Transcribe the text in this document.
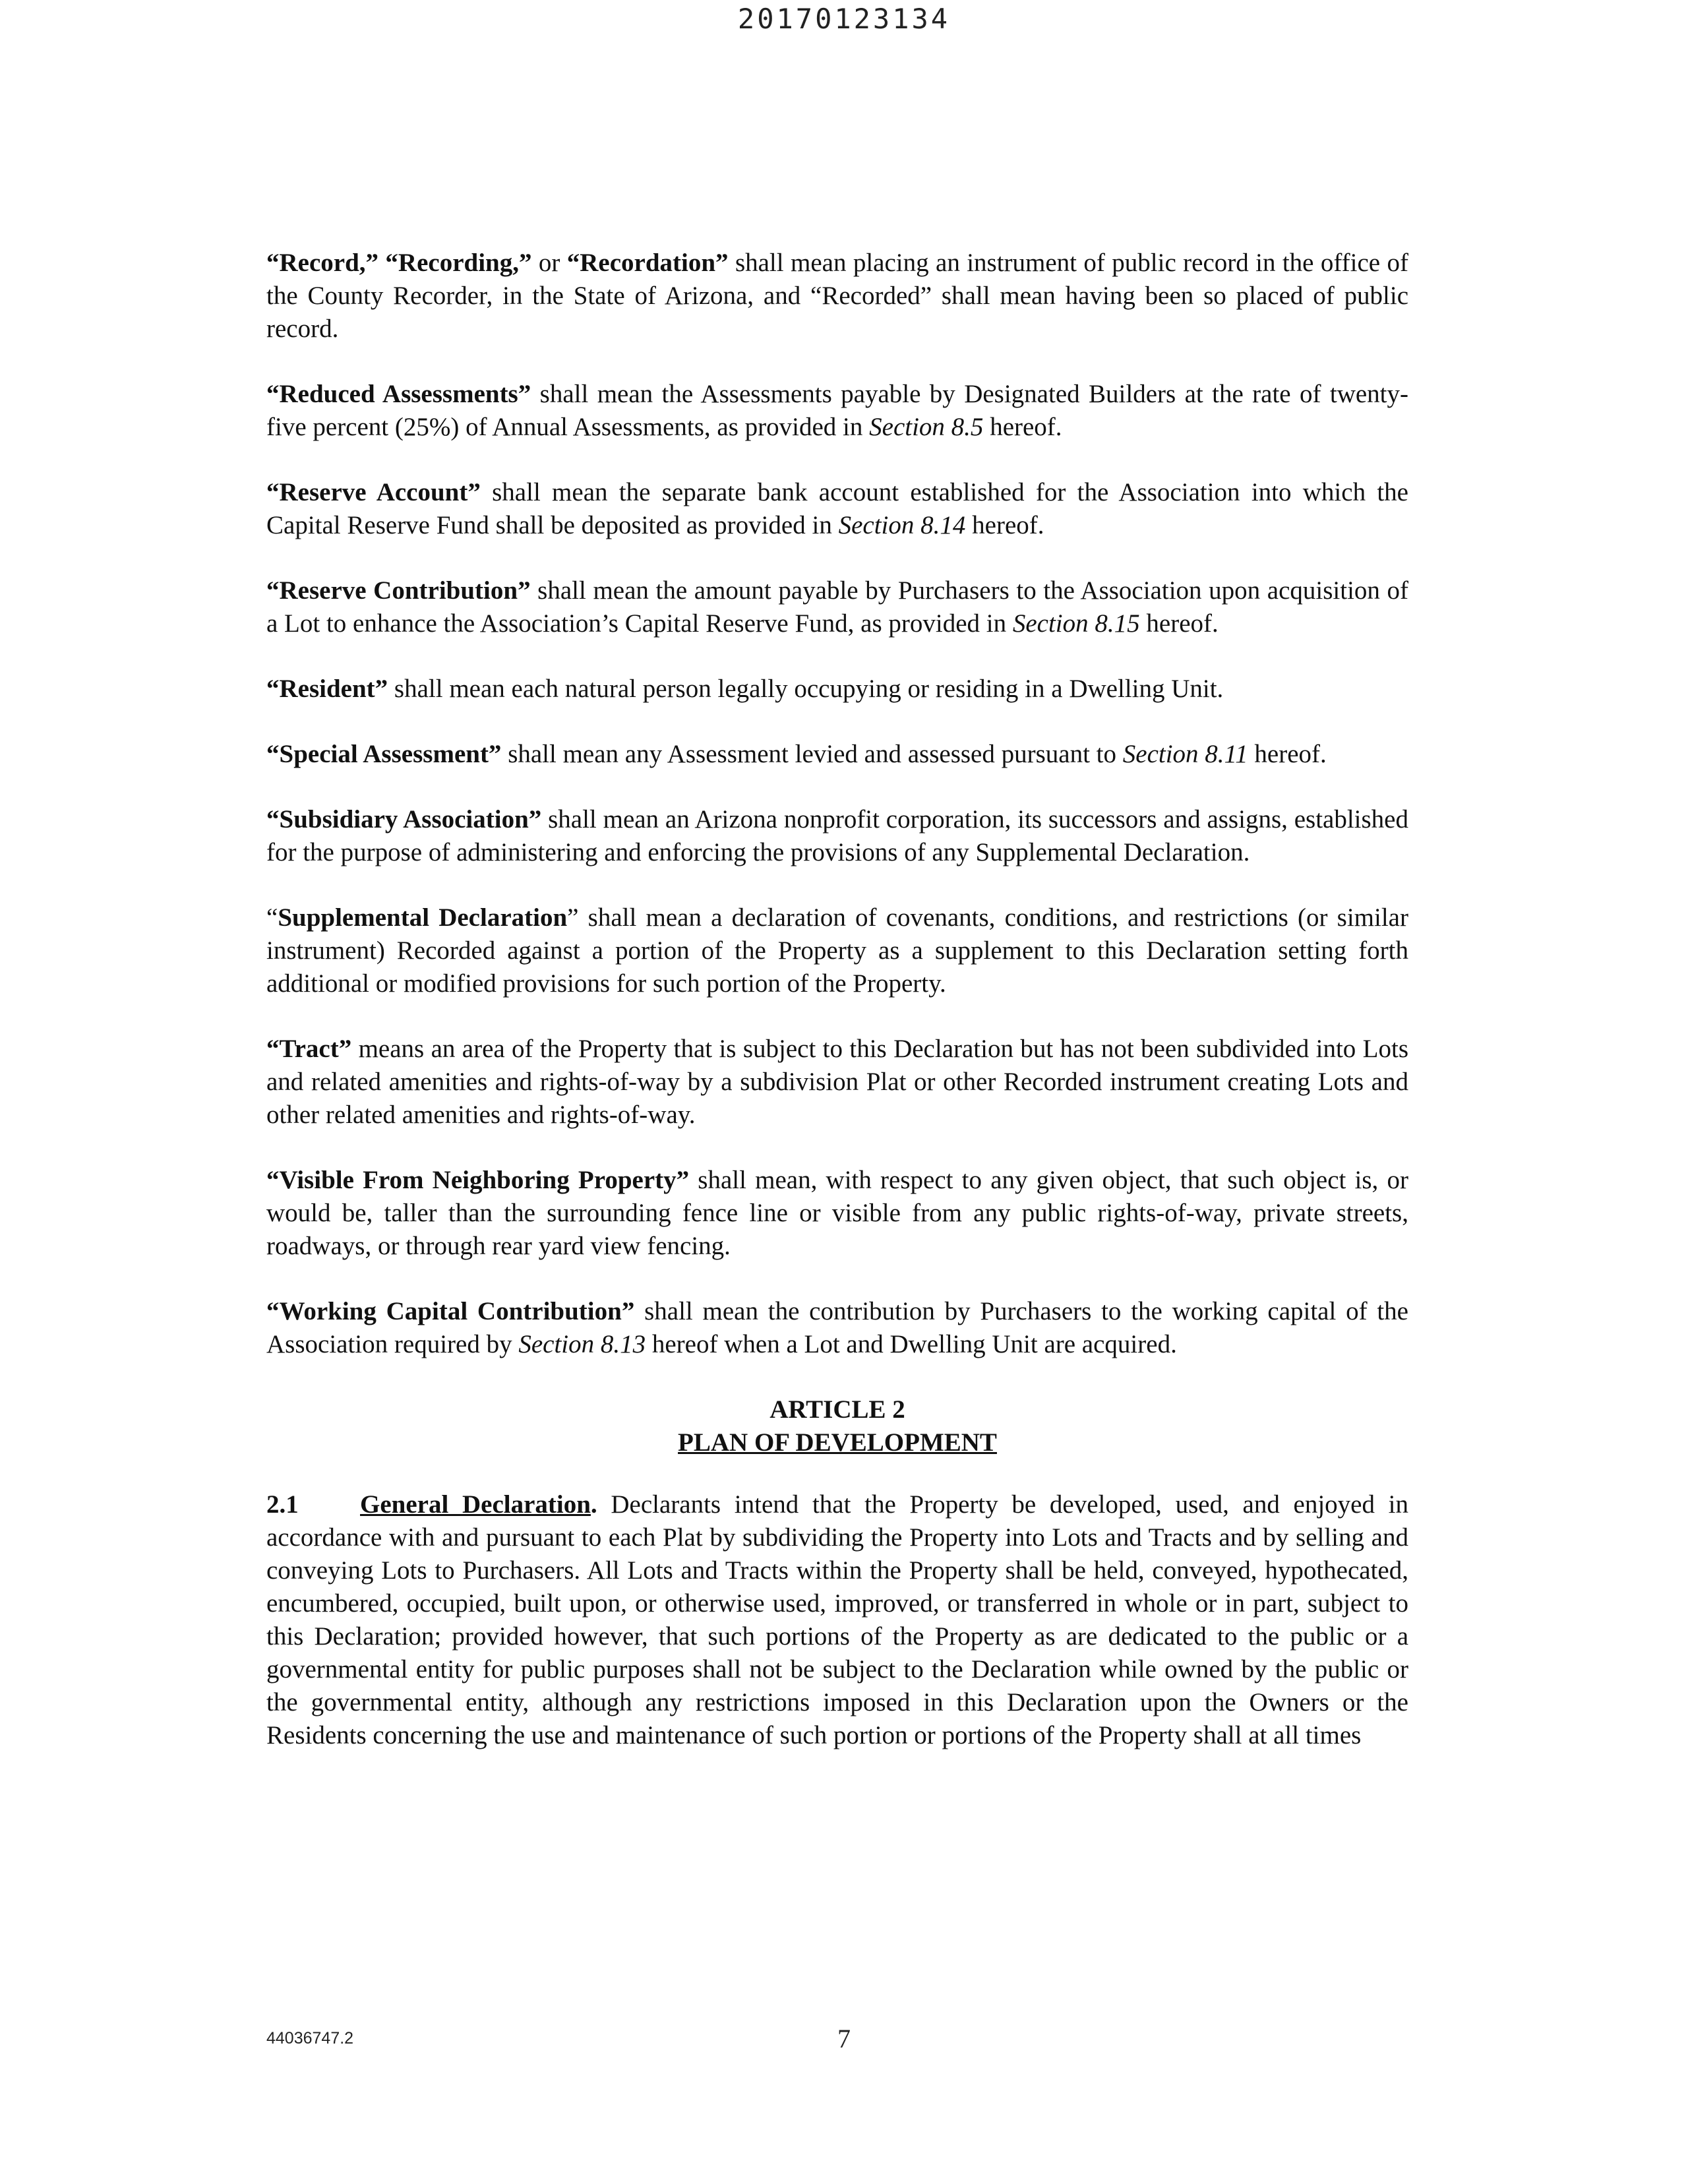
20170123134

“Record,” “Recording,” or “Recordation” shall mean placing an instrument of public record in the office of the County Recorder, in the State of Arizona, and “Recorded” shall mean having been so placed of public record.

“Reduced Assessments” shall mean the Assessments payable by Designated Builders at the rate of twenty-five percent (25%) of Annual Assessments, as provided in Section 8.5 hereof.

“Reserve Account” shall mean the separate bank account established for the Association into which the Capital Reserve Fund shall be deposited as provided in Section 8.14 hereof.

“Reserve Contribution” shall mean the amount payable by Purchasers to the Association upon acquisition of a Lot to enhance the Association’s Capital Reserve Fund, as provided in Section 8.15 hereof.

“Resident” shall mean each natural person legally occupying or residing in a Dwelling Unit.

“Special Assessment” shall mean any Assessment levied and assessed pursuant to Section 8.11 hereof.

“Subsidiary Association” shall mean an Arizona nonprofit corporation, its successors and assigns, established for the purpose of administering and enforcing the provisions of any Supplemental Declaration.

“Supplemental Declaration” shall mean a declaration of covenants, conditions, and restrictions (or similar instrument) Recorded against a portion of the Property as a supplement to this Declaration setting forth additional or modified provisions for such portion of the Property.

“Tract” means an area of the Property that is subject to this Declaration but has not been subdivided into Lots and related amenities and rights-of-way by a subdivision Plat or other Recorded instrument creating Lots and other related amenities and rights-of-way.

“Visible From Neighboring Property” shall mean, with respect to any given object, that such object is, or would be, taller than the surrounding fence line or visible from any public rights-of-way, private streets, roadways, or through rear yard view fencing.

“Working Capital Contribution” shall mean the contribution by Purchasers to the working capital of the Association required by Section 8.13 hereof when a Lot and Dwelling Unit are acquired.

ARTICLE 2
PLAN OF DEVELOPMENT

2.1 General Declaration. Declarants intend that the Property be developed, used, and enjoyed in accordance with and pursuant to each Plat by subdividing the Property into Lots and Tracts and by selling and conveying Lots to Purchasers. All Lots and Tracts within the Property shall be held, conveyed, hypothecated, encumbered, occupied, built upon, or otherwise used, improved, or transferred in whole or in part, subject to this Declaration; provided however, that such portions of the Property as are dedicated to the public or a governmental entity for public purposes shall not be subject to the Declaration while owned by the public or the governmental entity, although any restrictions imposed in this Declaration upon the Owners or the Residents concerning the use and maintenance of such portion or portions of the Property shall at all times

44036747.2	7
